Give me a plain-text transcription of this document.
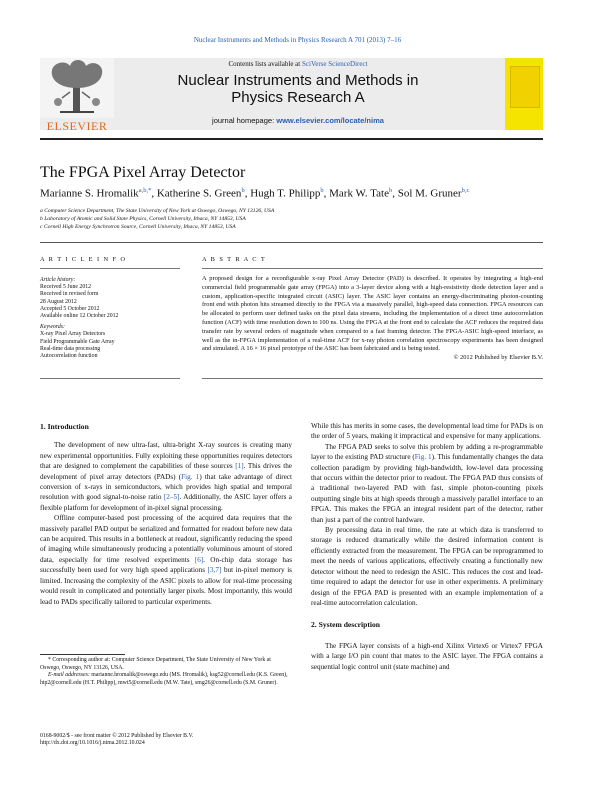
Nuclear Instruments and Methods in Physics Research A 701 (2013) 7–16
ELSEVIER
Contents lists available at SciVerse ScienceDirect
Nuclear Instruments and Methods in
Physics Research A
journal homepage: www.elsevier.com/locate/nima
The FPGA Pixel Array Detector
Marianne S. Hromalik$^{a,b,*}$, Katherine S. Green$^b$, Hugh T. Philipp$^b$, Mark W. Tate$^b$, Sol M. Gruner$^{b,c}$
a Computer Science Department, The State University of New York at Oswego, Oswego, NY 13126, USA
b Laboratory of Atomic and Solid State Physics, Cornell University, Ithaca, NY 14853, USA
c Cornell High Energy Synchrotron Source, Cornell University, Ithaca, NY 14853, USA
A R T I C L E I N F O
Article history:
Received 5 June 2012
Received in revised form
28 August 2012
Accepted 5 October 2012
Available online 12 October 2012
Keywords:
X-ray Pixel Array Detectors
Field Programmable Gate Array
Real-time data processing
Autocorrelation function
A B S T R A C T
A proposed design for a reconfigurable x-ray Pixel Array Detector (PAD) is described. It operates by integrating a high-end commercial field programmable gate array (FPGA) into a 3-layer device along with a high-resistivity diode detection layer and a custom, application-specific integrated circuit (ASIC) layer. The ASIC layer contains an energy-discriminating photon-counting front end with photon hits streamed directly to the FPGA via a massively parallel, high-speed data connection. FPGA resources can be allocated to perform user defined tasks on the pixel data streams, including the implementation of a direct time autocorrelation function (ACF) with time resolution down to 100 ns. Using the FPGA at the front end to calculate the ACF reduces the required data transfer rate by several orders of magnitude when compared to a fast framing detector. The FPGA-ASIC high-speed interface, as well as the in-FPGA implementation of a real-time ACF for x-ray photon correlation spectroscopy experiments has been designed and simulated. A 16 × 16 pixel prototype of the ASIC has been fabricated and is being tested.
© 2012 Published by Elsevier B.V.
1. Introduction

The development of new ultra-fast, ultra-bright X-ray sources is creating many new experimental opportunities. Fully exploiting these opportunities requires detectors that are designed to complement the capabilities of these sources [1]. This drives the development of pixel array detectors (PADs) (Fig. 1) that take advantage of direct conversion of x-rays in semiconductors, which provides high spatial and temporal resolution with good signal-to-noise ratio [2–5]. Additionally, the ASIC layer offers a flexible platform for development of in-pixel signal processing.

Offline computer-based post processing of the acquired data requires that the massively parallel PAD output be serialized and formatted for readout before new data can be acquired. This results in a bottleneck at readout, significantly reducing the speed of imaging while simultaneously producing a potentially voluminous amount of stored data, especially for time resolved experiments [6]. On-chip data storage has successfully been used for very high speed applications [3,7] but in-pixel memory is limited. Increasing the complexity of the ASIC pixels to allow for real-time processing would result in complicated and potentially larger pixels. Most importantly, this would lead to PADs specifically tailored to particular experiments.

While this has merits in some cases, the developmental lead time for PADs is on the order of 5 years, making it impractical and expensive for many applications.

The FPGA PAD seeks to solve this problem by adding a re-programmable layer to the existing PAD structure (Fig. 1). This fundamentally changes the data collection paradigm by providing high-bandwidth, low-level data processing that occurs within the detector prior to readout. The FPGA PAD thus consists of a traditional two-layered PAD with fast, simple photon-counting pixels outputting single bits at high speeds through a massively parallel interface to an FPGA. This makes the FPGA an integral resident part of the detector, rather than just a part of the control hardware.

By processing data in real time, the rate at which data is transferred to storage is reduced dramatically while the desired information content is efficiently extracted from the measurement. The FPGA can be reprogrammed to meet the needs of various applications, effectively creating a functionally new detector without the need to redesign the ASIC. This reduces the cost and lead-time required to adapt the detector for use in other experiments. A preliminary design of the FPGA PAD is presented with an example implementation of a real-time autocorrelation calculation.

2. System description

The FPGA layer consists of a high-end Xilinx Virtex6 or Virtex7 FPGA with a large I/O pin count that mates to the ASIC layer. The FPGA contains a sequential logic control unit (state machine) and

* Corresponding author at: Computer Science Department, The State University of New York at Oswego, Oswego, NY 13126, USA.
E-mail addresses: marianne.hromalik@oswego.edu (MS. Hromalik), ksg52@cornell.edu (K.S. Green), htp2@cornell.edu (H.T. Philipp), mwt5@cornell.edu (M.W. Tate), smg26@cornell.edu (S.M. Gruner).
0168-9002/$ - see front matter © 2012 Published by Elsevier B.V.
http://dx.doi.org/10.1016/j.nima.2012.10.024
